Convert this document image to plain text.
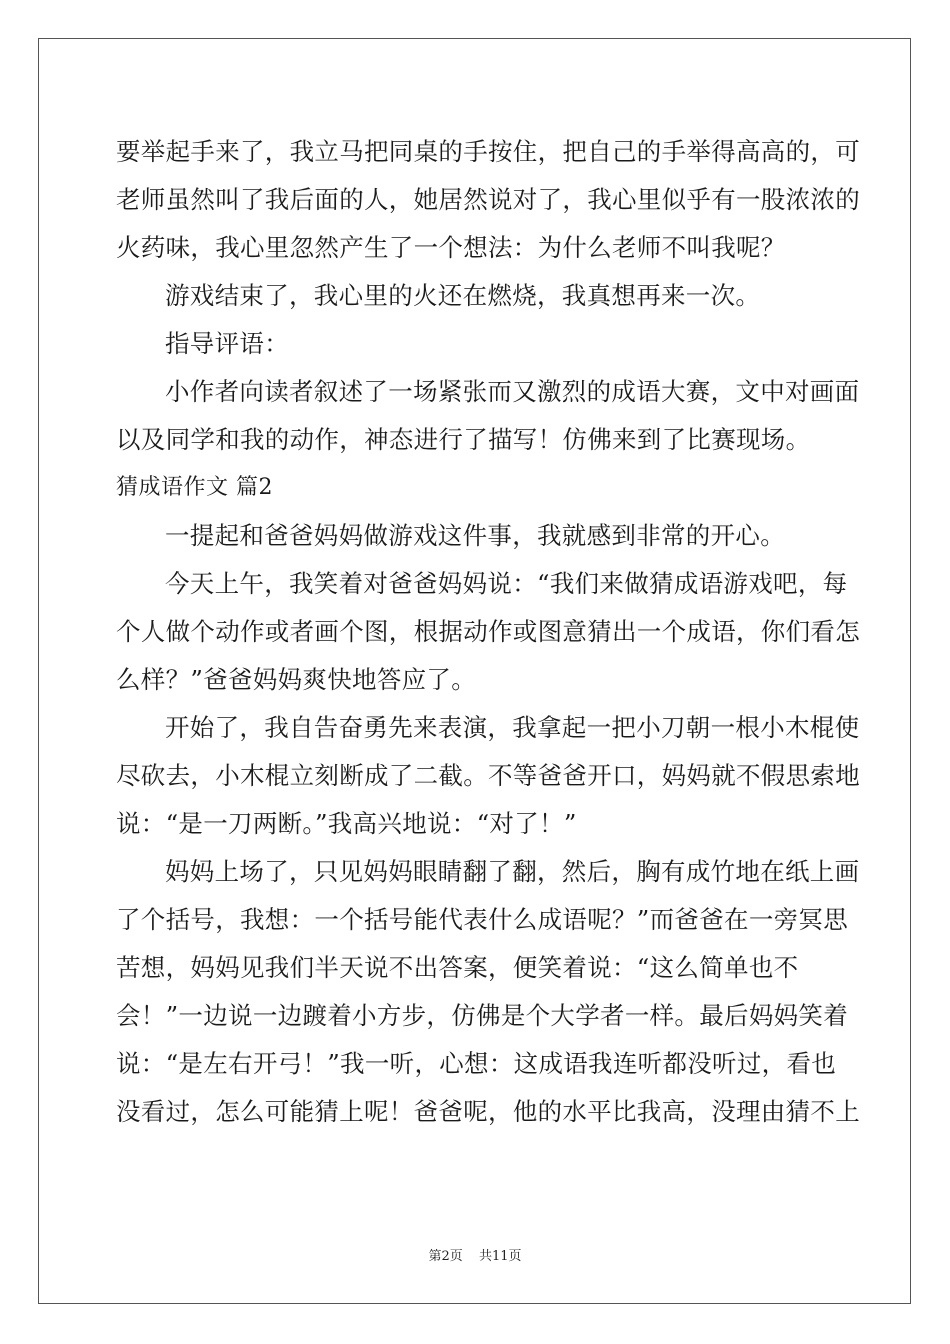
要举起手来了，我立马把同桌的手按住，把自己的手举得高高的，可
老师虽然叫了我后面的人，她居然说对了，我心里似乎有一股浓浓的
火药味，我心里忽然产生了一个想法：为什么老师不叫我呢？
游戏结束了，我心里的火还在燃烧，我真想再来一次。
指导评语：
小作者向读者叙述了一场紧张而又激烈的成语大赛，文中对画面
以及同学和我的动作，神态进行了描写！仿佛来到了比赛现场。
猜成语作文 篇2
一提起和爸爸妈妈做游戏这件事，我就感到非常的开心。
今天上午，我笑着对爸爸妈妈说：“我们来做猜成语游戏吧，每
个人做个动作或者画个图，根据动作或图意猜出一个成语，你们看怎
么样？”爸爸妈妈爽快地答应了。
开始了，我自告奋勇先来表演，我拿起一把小刀朝一根小木棍使
尽砍去，小木棍立刻断成了二截。不等爸爸开口，妈妈就不假思索地
说：“是一刀两断。”我高兴地说：“对了！”
妈妈上场了，只见妈妈眼睛翻了翻，然后，胸有成竹地在纸上画
了个括号，我想：一个括号能代表什么成语呢？”而爸爸在一旁冥思
苦想，妈妈见我们半天说不出答案，便笑着说：“这么简单也不
会！”一边说一边踱着小方步，仿佛是个大学者一样。最后妈妈笑着
说：“是左右开弓！”我一听，心想：这成语我连听都没听过，看也
没看过，怎么可能猜上呢！爸爸呢，他的水平比我高，没理由猜不上
第2页 共11页
